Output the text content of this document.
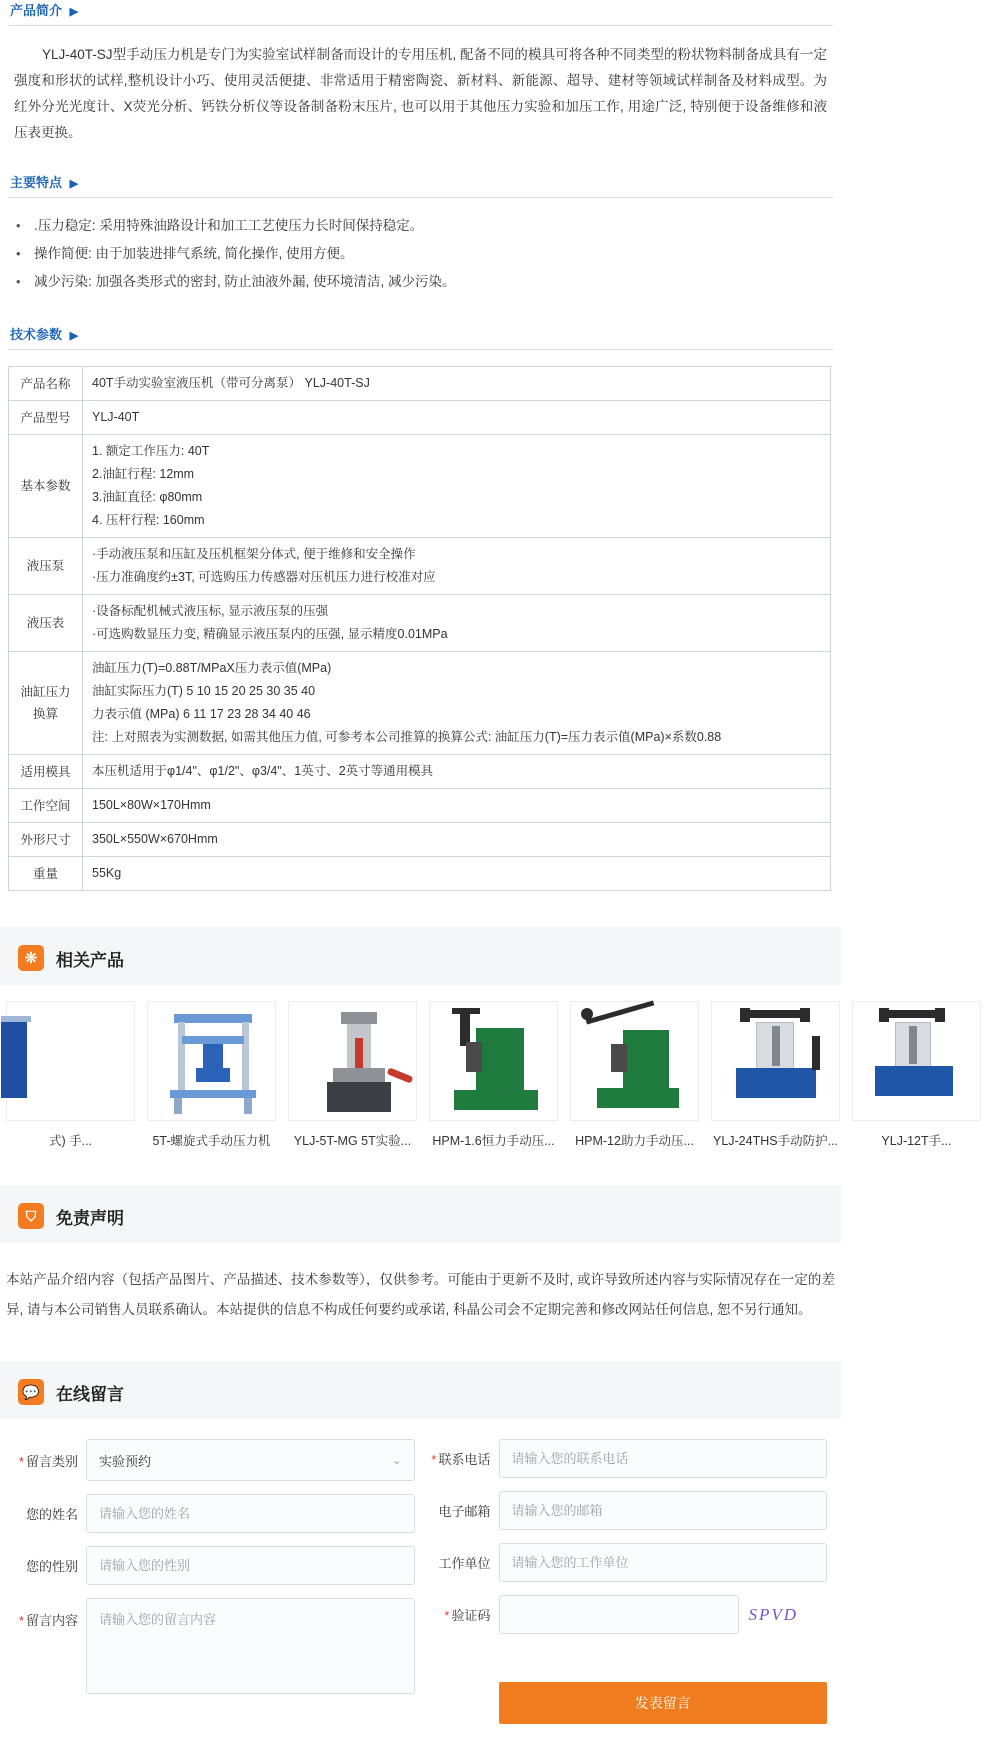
产品简介 ▶
YLJ-40T-SJ型手动压力机是专门为实验室试样制备而设计的专用压机, 配备不同的模具可将各种不同类型的粉状物料制备成具有一定强度和形状的试样,整机设计小巧、使用灵活便捷、非常适用于精密陶瓷、新材料、新能源、超导、建材等领域试样制备及材料成型。为红外分光光度计、X荧光分析、钙铁分析仪等设备制备粉末压片, 也可以用于其他压力实验和加压工作, 用途广泛, 特别便于设备维修和液压表更换。
主要特点 ▶
• .压力稳定: 采用特殊油路设计和加工工艺使压力长时间保持稳定。
• 操作简便: 由于加装进排气系统, 简化操作, 使用方便。
• 减少污染: 加强各类形式的密封, 防止油液外漏, 使环境清洁, 减少污染。
技术参数 ▶
产品名称	40T手动实验室液压机（带可分离泵） YLJ-40T-SJ

产品型号	YLJ-40T

基本参数	1. 额定工作压力: 40T
2.油缸行程: 12mm
3.油缸直径: φ80mm
4. 压杆行程: 160mm

液压泵	·手动液压泵和压缸及压机框架分体式, 便于维修和安全操作
·压力准确度约±3T, 可选购压力传感器对压机压力进行校准对应

液压表	·设备标配机械式液压标, 显示液压泵的压强
·可选购数显压力变, 精确显示液压泵内的压强, 显示精度0.01MPa

油缸压力换算	油缸压力(T)=0.88T/MPaX压力表示值(MPa)
油缸实际压力(T) 5 10 15 20 25 30 35 40
力表示值 (MPa) 6 11 17 23 28 34 40 46
注: 上对照表为实测数据, 如需其他压力值, 可参考本公司推算的换算公式: 油缸压力(T)=压力表示值(MPa)×系数0.88

适用模具	本压机适用于φ1/4"、φ1/2"、φ3/4"、1英寸、2英寸等通用模具

工作空间	150L×80W×170Hmm

外形尺寸	350L×550W×670Hmm

重量	55Kg
❊	相关产品
式) 手...	5T-螺旋式手动压力机	YLJ-5T-MG 5T实验...	HPM-1.6恒力手动压...	HPM-12助力手动压...	YLJ-24THS手动防护...	YLJ-12T手...
⛉	免责声明
本站产品介绍内容（包括产品图片、产品描述、技术参数等），仅供参考。可能由于更新不及时, 或许导致所述内容与实际情况存在一定的差异, 请与本公司销售人员联系确认。本站提供的信息不构成任何要约或承诺, 科晶公司会不定期完善和修改网站任何信息, 恕不另行通知。
💬 在线留言
* 留言类别	实验预约	⌄
您的姓名
请输入您的姓名
您的性别
请输入您的性别
* 留言内容
请输入您的留言内容
* 联系电话
请输入您的联系电话
电子邮箱
请输入您的邮箱
工作单位
请输入您的工作单位
* 验证码	SPVD
发表留言
